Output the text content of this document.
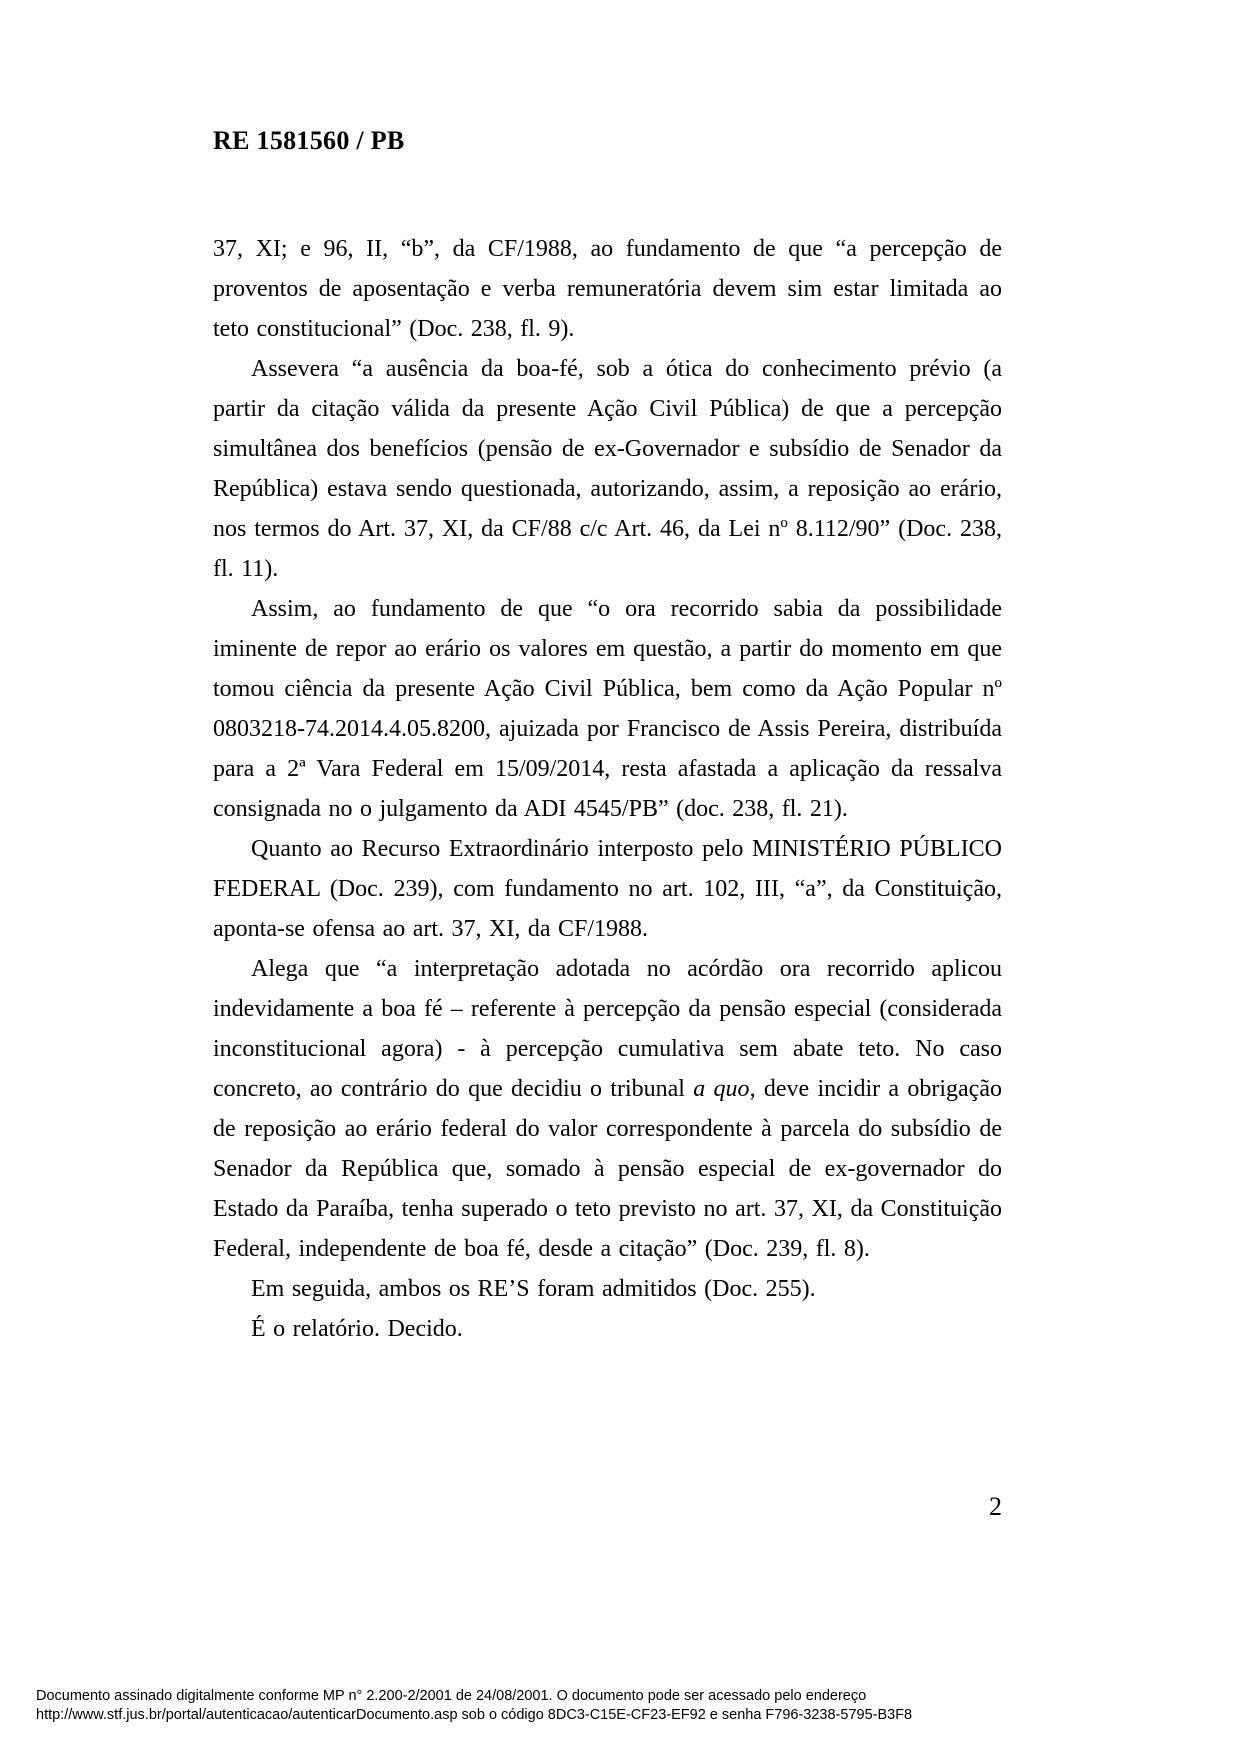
RE 1581560 / PB

37, XI; e 96, II, “b”, da CF/1988, ao fundamento de que “a percepção de proventos de aposentação e verba remuneratória devem sim estar limitada ao teto constitucional” (Doc. 238, fl. 9).

Assevera “a ausência da boa-fé, sob a ótica do conhecimento prévio (a partir da citação válida da presente Ação Civil Pública) de que a percepção simultânea dos benefícios (pensão de ex-Governador e subsídio de Senador da República) estava sendo questionada, autorizando, assim, a reposição ao erário, nos termos do Art. 37, XI, da CF/88 c/c Art. 46, da Lei nº 8.112/90” (Doc. 238, fl. 11).

Assim, ao fundamento de que “o ora recorrido sabia da possibilidade iminente de repor ao erário os valores em questão, a partir do momento em que tomou ciência da presente Ação Civil Pública, bem como da Ação Popular nº 0803218-74.2014.4.05.8200, ajuizada por Francisco de Assis Pereira, distribuída para a 2ª Vara Federal em 15/09/2014, resta afastada a aplicação da ressalva consignada no o julgamento da ADI 4545/PB” (doc. 238, fl. 21).

Quanto ao Recurso Extraordinário interposto pelo MINISTÉRIO PÚBLICO FEDERAL (Doc. 239), com fundamento no art. 102, III, “a”, da Constituição, aponta-se ofensa ao art. 37, XI, da CF/1988.

Alega que “a interpretação adotada no acórdão ora recorrido aplicou indevidamente a boa fé – referente à percepção da pensão especial (considerada inconstitucional agora) - à percepção cumulativa sem abate teto. No caso concreto, ao contrário do que decidiu o tribunal a quo, deve incidir a obrigação de reposição ao erário federal do valor correspondente à parcela do subsídio de Senador da República que, somado à pensão especial de ex-governador do Estado da Paraíba, tenha superado o teto previsto no art. 37, XI, da Constituição Federal, independente de boa fé, desde a citação” (Doc. 239, fl. 8).

Em seguida, ambos os RE’S foram admitidos (Doc. 255).

É o relatório. Decido.

2
Documento assinado digitalmente conforme MP n° 2.200-2/2001 de 24/08/2001. O documento pode ser acessado pelo endereço
http://www.stf.jus.br/portal/autenticacao/autenticarDocumento.asp sob o código 8DC3-C15E-CF23-EF92 e senha F796-3238-5795-B3F8
